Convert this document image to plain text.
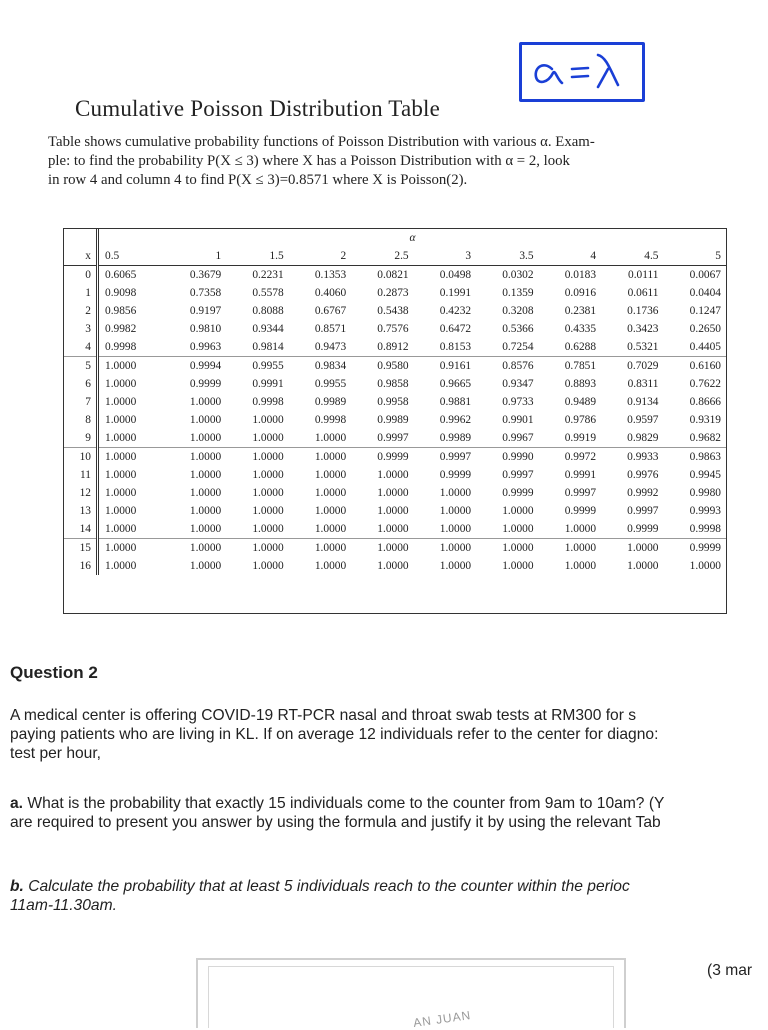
Cumulative Poisson Distribution Table
Table shows cumulative probability functions of Poisson Distribution with various α. Exam-
ple: to find the probability P(X ≤ 3) where X has a Poisson Distribution with α = 2, look
in row 4 and column 4 to find P(X ≤ 3)=0.8571 where X is Poisson(2).
	α									
x	0.5	1	1.5	2	2.5	3	3.5	4	4.5	5
0	0.6065	0.3679	0.2231	0.1353	0.0821	0.0498	0.0302	0.0183	0.0111	0.0067
1	0.9098	0.7358	0.5578	0.4060	0.2873	0.1991	0.1359	0.0916	0.0611	0.0404
2	0.9856	0.9197	0.8088	0.6767	0.5438	0.4232	0.3208	0.2381	0.1736	0.1247
3	0.9982	0.9810	0.9344	0.8571	0.7576	0.6472	0.5366	0.4335	0.3423	0.2650
4	0.9998	0.9963	0.9814	0.9473	0.8912	0.8153	0.7254	0.6288	0.5321	0.4405
5	1.0000	0.9994	0.9955	0.9834	0.9580	0.9161	0.8576	0.7851	0.7029	0.6160
6	1.0000	0.9999	0.9991	0.9955	0.9858	0.9665	0.9347	0.8893	0.8311	0.7622
7	1.0000	1.0000	0.9998	0.9989	0.9958	0.9881	0.9733	0.9489	0.9134	0.8666
8	1.0000	1.0000	1.0000	0.9998	0.9989	0.9962	0.9901	0.9786	0.9597	0.9319
9	1.0000	1.0000	1.0000	1.0000	0.9997	0.9989	0.9967	0.9919	0.9829	0.9682
10	1.0000	1.0000	1.0000	1.0000	0.9999	0.9997	0.9990	0.9972	0.9933	0.9863
11	1.0000	1.0000	1.0000	1.0000	1.0000	0.9999	0.9997	0.9991	0.9976	0.9945
12	1.0000	1.0000	1.0000	1.0000	1.0000	1.0000	0.9999	0.9997	0.9992	0.9980
13	1.0000	1.0000	1.0000	1.0000	1.0000	1.0000	1.0000	0.9999	0.9997	0.9993
14	1.0000	1.0000	1.0000	1.0000	1.0000	1.0000	1.0000	1.0000	0.9999	0.9998
15	1.0000	1.0000	1.0000	1.0000	1.0000	1.0000	1.0000	1.0000	1.0000	0.9999
16	1.0000	1.0000	1.0000	1.0000	1.0000	1.0000	1.0000	1.0000	1.0000	1.0000
Question 2
A medical center is offering COVID-19 RT-PCR nasal and throat swab tests at RM300 for s
paying patients who are living in KL. If on average 12 individuals refer to the center for diagno:
test per hour,
a. What is the probability that exactly 15 individuals come to the counter from 9am to 10am? (Y
are required to present you answer by using the formula and justify it by using the relevant Tab
b. Calculate the probability that at least 5 individuals reach to the counter within the perioc
11am-11.30am.
AN JUAN
(3 mar
